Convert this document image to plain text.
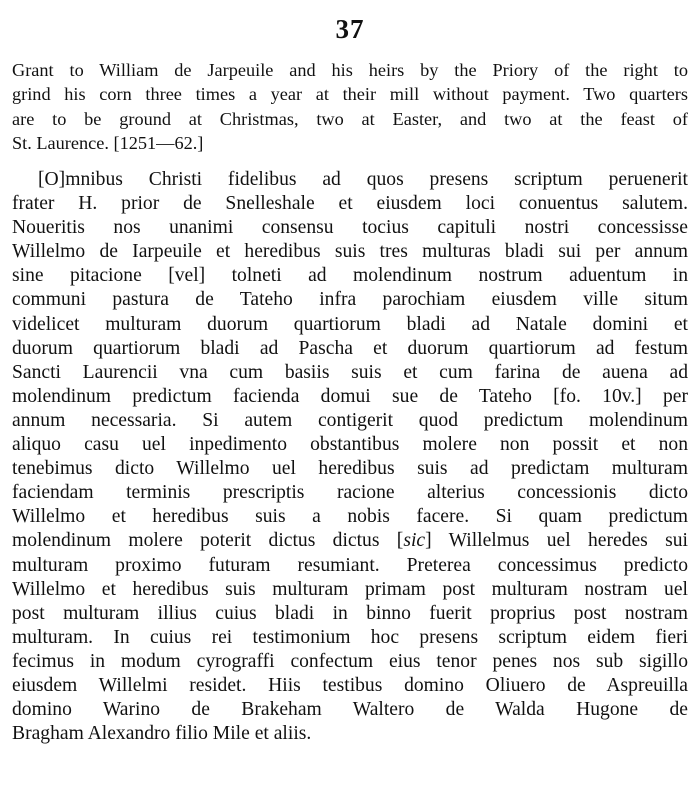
37
Grant to William de Jarpeuile and his heirs by the Priory of the right to
grind his corn three times a year at their mill without payment. Two quarters
are to be ground at Christmas, two at Easter, and two at the feast of
St. Laurence. [1251—62.]
[O]mnibus Christi fidelibus ad quos presens scriptum peruenerit
frater H. prior de Snelleshale et eiusdem loci conuentus salutem.
Noueritis nos unanimi consensu tocius capituli nostri concessisse
Willelmo de Iarpeuile et heredibus suis tres multuras bladi sui per annum
sine pitacione [vel] tolneti ad molendinum nostrum aduentum in
communi pastura de Tateho infra parochiam eiusdem ville situm
videlicet multuram duorum quartiorum bladi ad Natale domini et
duorum quartiorum bladi ad Pascha et duorum quartiorum ad festum
Sancti Laurencii vna cum basiis suis et cum farina de auena ad
molendinum predictum facienda domui sue de Tateho [fo. 10v.] per
annum necessaria. Si autem contigerit quod predictum molendinum
aliquo casu uel inpedimento obstantibus molere non possit et non
tenebimus dicto Willelmo uel heredibus suis ad predictam multuram
faciendam terminis prescriptis racione alterius concessionis dicto
Willelmo et heredibus suis a nobis facere. Si quam predictum
molendinum molere poterit dictus dictus [sic] Willelmus uel heredes sui
multuram proximo futuram resumiant. Preterea concessimus predicto
Willelmo et heredibus suis multuram primam post multuram nostram uel
post multuram illius cuius bladi in binno fuerit proprius post nostram
multuram. In cuius rei testimonium hoc presens scriptum eidem fieri
fecimus in modum cyrograffi confectum eius tenor penes nos sub sigillo
eiusdem Willelmi residet. Hiis testibus domino Oliuero de Aspreuilla
domino Warino de Brakeham Waltero de Walda Hugone de
Bragham Alexandro filio Mile et aliis.
